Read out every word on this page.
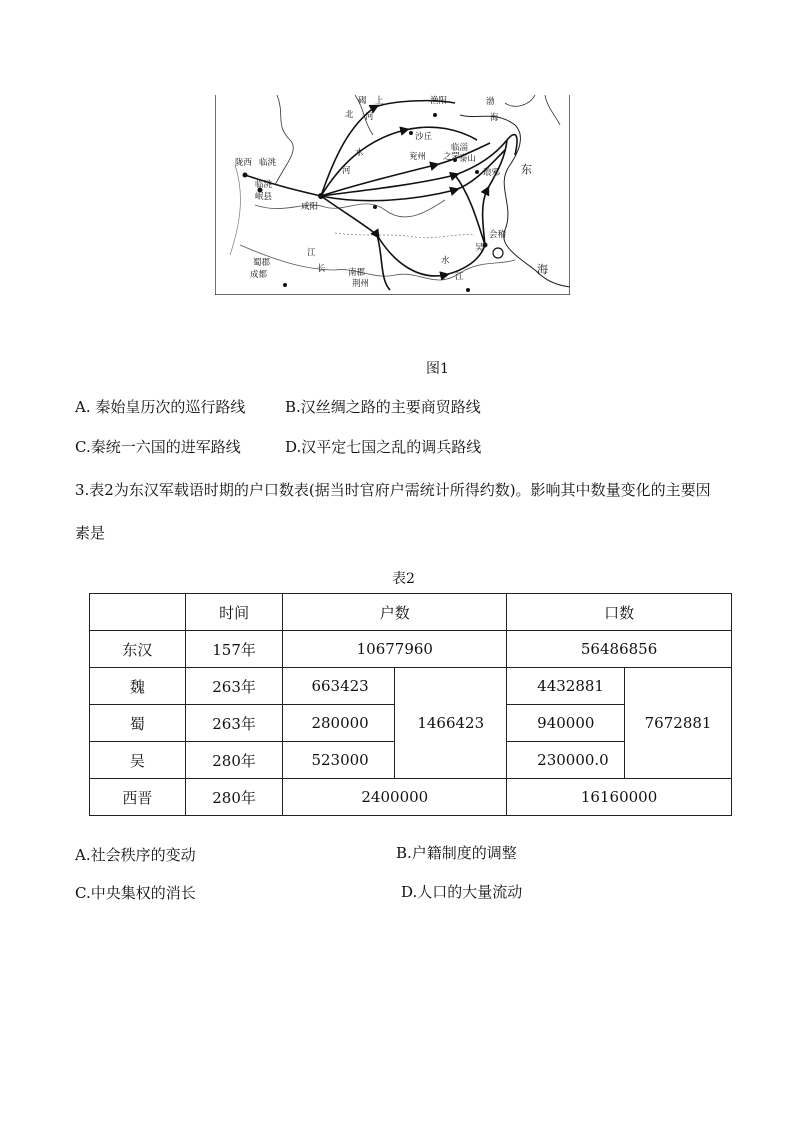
陇西 临洮
临洮
岷县
咸阳
蜀郡
成都	南郡
荆州
沙丘
临淄
琅邪 东
海
海
会稽
江
江
长
水
水
河
河
渔阳	渤
碣
北
之罘
泰山
兖州
吴
上
图1
A. 秦始皇历次的巡行路线	B.汉丝绸之路的主要商贸路线
C.秦统一六国的进军路线	D.汉平定七国之乱的调兵路线
3.表2为东汉军载语时期的户口数表(据当时官府户需统计所得约数)。影响其中数量变化的主要因
素是
表2
	时间	户数		口数	
东汉	157年	10677960		56486856	
魏	263年	663423	1466423	4432881	7672881
蜀	263年	280000		940000	
吴	280年	523000		230000.0	
西晋	280年	2400000		16160000	
A.社会秩序的变动	B.户籍制度的调整
C.中央集权的消长	D.人口的大量流动
